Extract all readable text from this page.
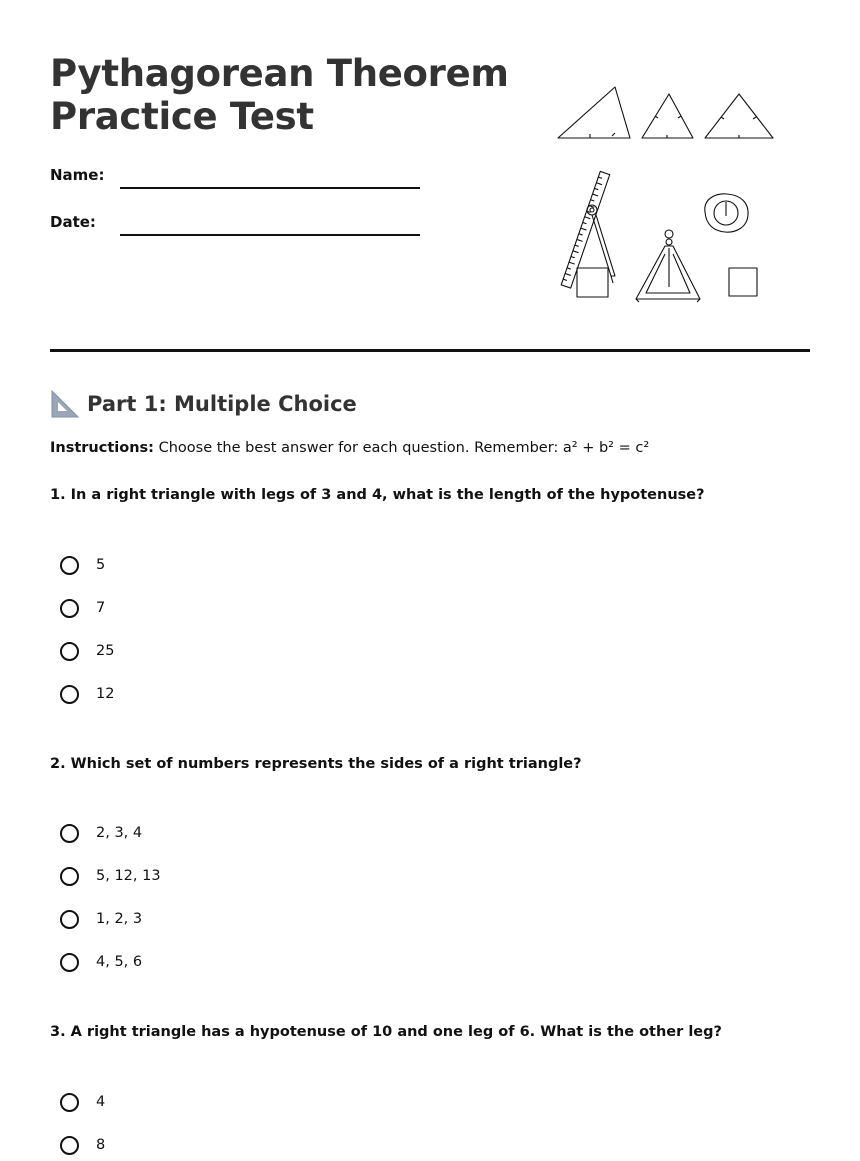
Pythagorean Theorem
Practice Test
Name:
Date:
Part 1: Multiple Choice
Instructions: Choose the best answer for each question. Remember: a² + b² = c²
1. In a right triangle with legs of 3 and 4, what is the length of the hypotenuse?
5
7
25
12
2. Which set of numbers represents the sides of a right triangle?
2, 3, 4
5, 12, 13
1, 2, 3
4, 5, 6
3. A right triangle has a hypotenuse of 10 and one leg of 6. What is the other leg?
4
8
